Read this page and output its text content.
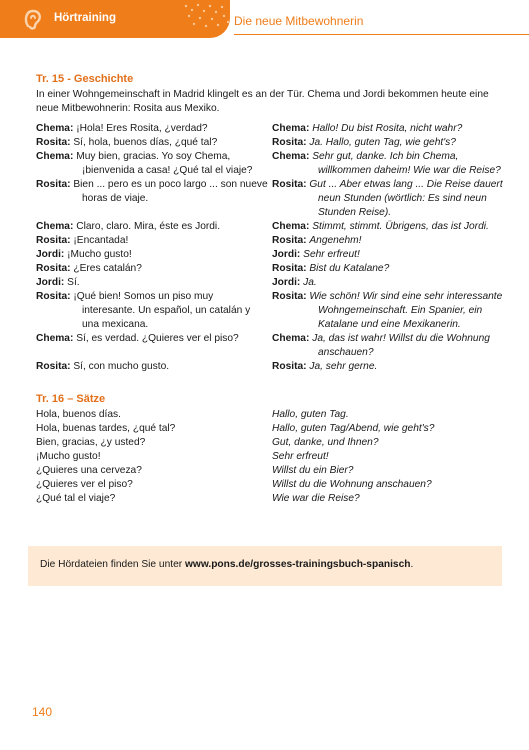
Hörtraining	Die neue Mitbewohnerin
Tr. 15 - Geschichte
In einer Wohngemeinschaft in Madrid klingelt es an der Tür. Chema und Jordi bekommen heute eine neue Mitbewohnerin: Rosita aus Mexiko.
Chema: ¡Hola! Eres Rosita, ¿verdad?
Rosita: Sí, hola, buenos días, ¿qué tal?
Chema: Muy bien, gracias. Yo soy Chema, ¡bienvenida a casa! ¿Qué tal el viaje?
Rosita: Bien ... pero es un poco largo ... son nueve horas de viaje.
Chema: Claro, claro. Mira, éste es Jordi.
Rosita: ¡Encantada!
Jordi: ¡Mucho gusto!
Rosita: ¿Eres catalán?
Jordi: Sí.
Rosita: ¡Qué bien! Somos un piso muy interesante. Un español, un catalán y una mexicana.
Chema: Sí, es verdad. ¿Quieres ver el piso?
Rosita: Sí, con mucho gusto.
Chema: Hallo! Du bist Rosita, nicht wahr?
Rosita: Ja. Hallo, guten Tag, wie geht's?
Chema: Sehr gut, danke. Ich bin Chema, willkommen daheim! Wie war die Reise?
Rosita: Gut ... Aber etwas lang ... Die Reise dauert neun Stunden (wörtlich: Es sind neun Stunden Reise).
Chema: Stimmt, stimmt. Übrigens, das ist Jordi.
Rosita: Angenehm!
Jordi: Sehr erfreut!
Rosita: Bist du Katalane?
Jordi: Ja.
Rosita: Wie schön! Wir sind eine sehr interessante Wohngemeinschaft. Ein Spanier, ein Katalane und eine Mexikanerin.
Chema: Ja, das ist wahr! Willst du die Wohnung anschauen?
Rosita: Ja, sehr gerne.
Tr. 16 – Sätze
Hola, buenos días.
Hola, buenas tardes, ¿qué tal?
Bien, gracias, ¿y usted?
¡Mucho gusto!
¿Quieres una cerveza?
¿Quieres ver el piso?
¿Qué tal el viaje?
Hallo, guten Tag.
Hallo, guten Tag/Abend, wie geht's?
Gut, danke, und Ihnen?
Sehr erfreut!
Willst du ein Bier?
Willst du die Wohnung anschauen?
Wie war die Reise?
Die Hördateien finden Sie unter www.pons.de/grosses-trainingsbuch-spanisch.
140
